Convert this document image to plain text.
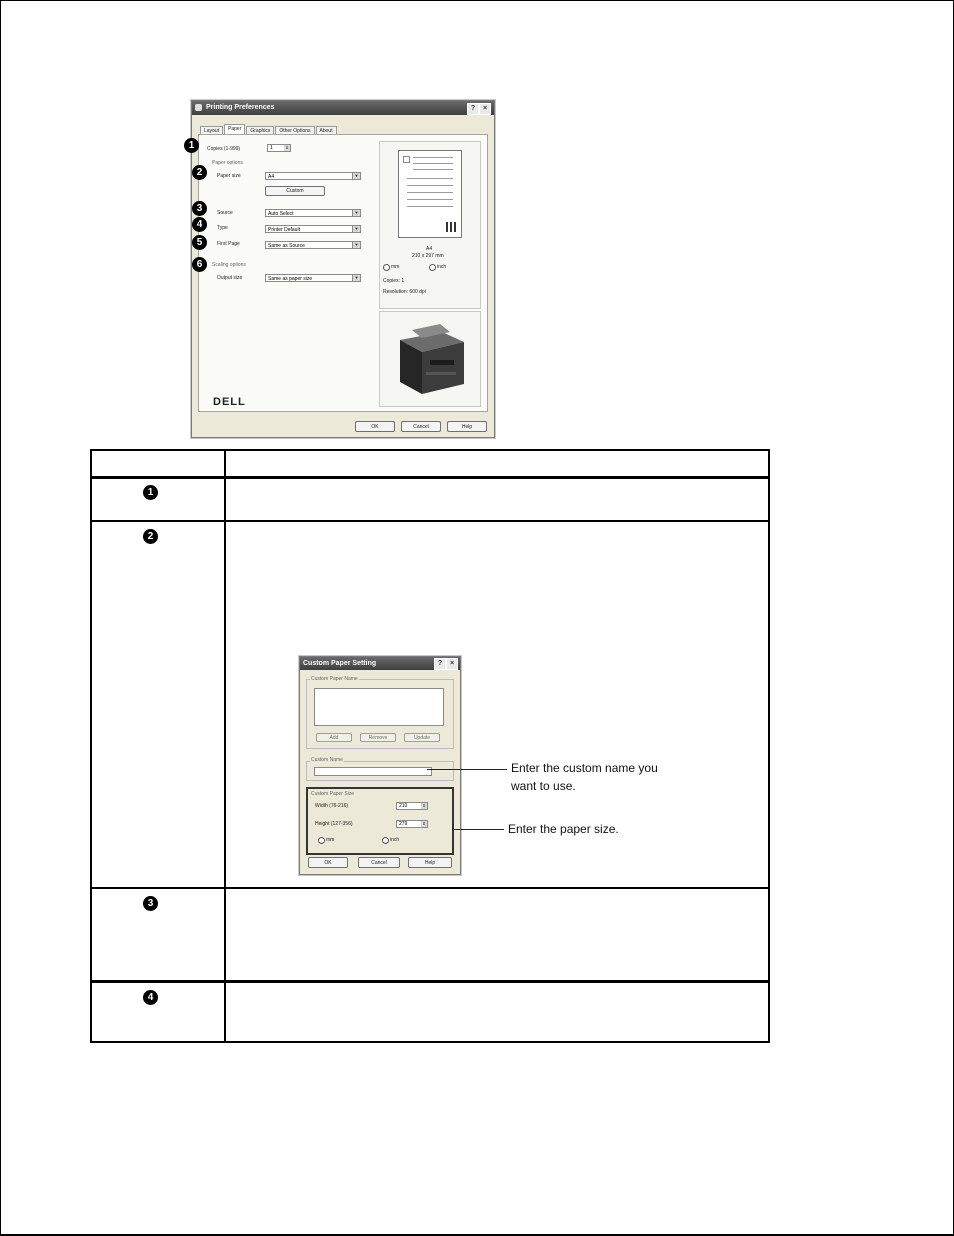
Printing Preferences	?	×
Layout	Paper	Graphics	Other Options	About
Copies (1-999)	1	⇕
Paper options
Paper size	A4	▼
Custom
Source	Auto Select	▼
Type	Printer Default	▼
First Page	Same as Source	▼
Scaling options
Output size	Same as paper size	▼
DELL
A4
210 x 297 mm
mm	inch
Copies: 1
Resolution: 600 dpi
OK	Cancel	Help
1
2
3
4
5
6
1
2
3
4
Custom Paper Setting	?	×
Custom Paper Name
Add	Remove	Update
Custom Name
Custom Paper Size
Width (76-216)	210	⇕
Height (127-356)	279	⇕
mm	inch
OK	Cancel	Help
Enter the custom name you want to use.
Enter the paper size.
